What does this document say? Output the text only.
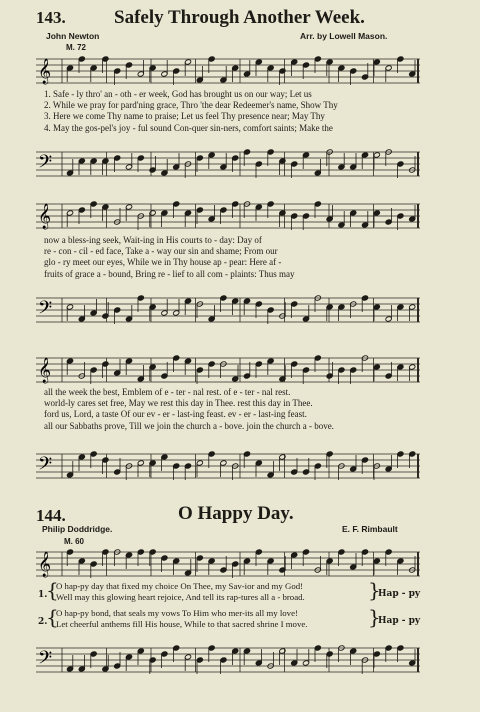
143.	Safely Through Another Week.
John Newton	Arr. by Lowell Mason.
M. 72
𝄞
1. Safe - ly thro' an - oth - er week, God has brought us on our way; Let us
2. While we pray for pard'ning grace, Thro 'the dear Redeemer's name, Show Thy
3. Here we come Thy name to praise; Let us feel Thy presence near; May Thy
4. May the gos-pel's joy - ful sound Con-quer sin-ners, comfort saints; Make the
𝄢
𝄞
now a bless-ing seek, Wait-ing in His courts to - day: Day of
re - con - cil - ed face, Take a - way our sin and shame; From our
glo - ry meet our eyes, While we in Thy house ap - pear: Here af -
fruits of grace a - bound, Bring re - lief to all com - plaints: Thus may
𝄢
𝄞
all the week the best, Emblem of e - ter - nal rest. of e - ter - nal rest.
world-ly cares set free, May we rest this day in Thee. rest this day in Thee.
ford us, Lord, a taste Of our ev - er - last-ing feast. ev - er - last-ing feast.
all our Sabbaths prove, Till we join the church a - bove. join the church a - bove.
𝄢
144.	O Happy Day.
Philip Doddridge.	E. F. Rimbault
M. 60
𝄞
1.
{
O hap-py day that fixed my choice On Thee, my Sav-ior and my God!
Well may this glowing heart rejoice, And tell its rap-tures all a - broad.	}
Hap - py
2.
{
O hap-py bond, that seals my vows To Him who mer-its all my love!
Let cheerful anthems fill His house, While to that sacred shrine I move.	}
Hap - py
𝄢
